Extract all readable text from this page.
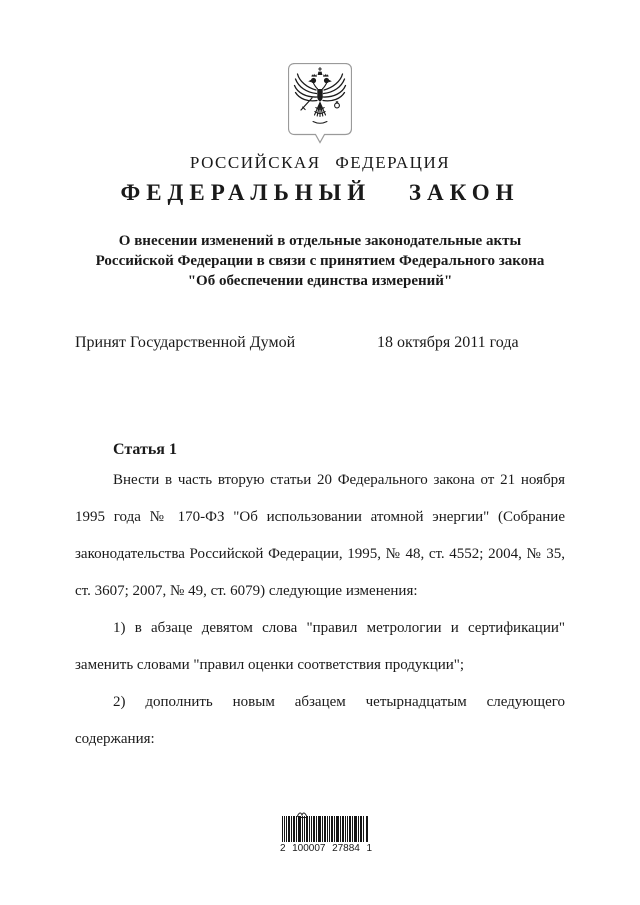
РОССИЙСКАЯ ФЕДЕРАЦИЯ
ФЕДЕРАЛЬНЫЙ ЗАКОН
О внесении изменений в отдельные законодательные акты
Российской Федерации в связи с принятием Федерального закона
"Об обеспечении единства измерений"
Принят Государственной Думой	18 октября 2011 года
Статья 1
Внести в часть вторую статьи 20 Федерального закона от 21 ноября
1995 года № 170-ФЗ "Об использовании атомной энергии" (Собрание
законодательства Российской Федерации, 1995, № 48, ст. 4552; 2004, № 35,
ст. 3607; 2007, № 49, ст. 6079) следующие изменения:
1) в абзаце девятом слова "правил метрологии и сертификации"
заменить словами "правил оценки соответствия продукции";
2) дополнить новым абзацем четырнадцатым следующего
содержания:
2 100007 27884 1
